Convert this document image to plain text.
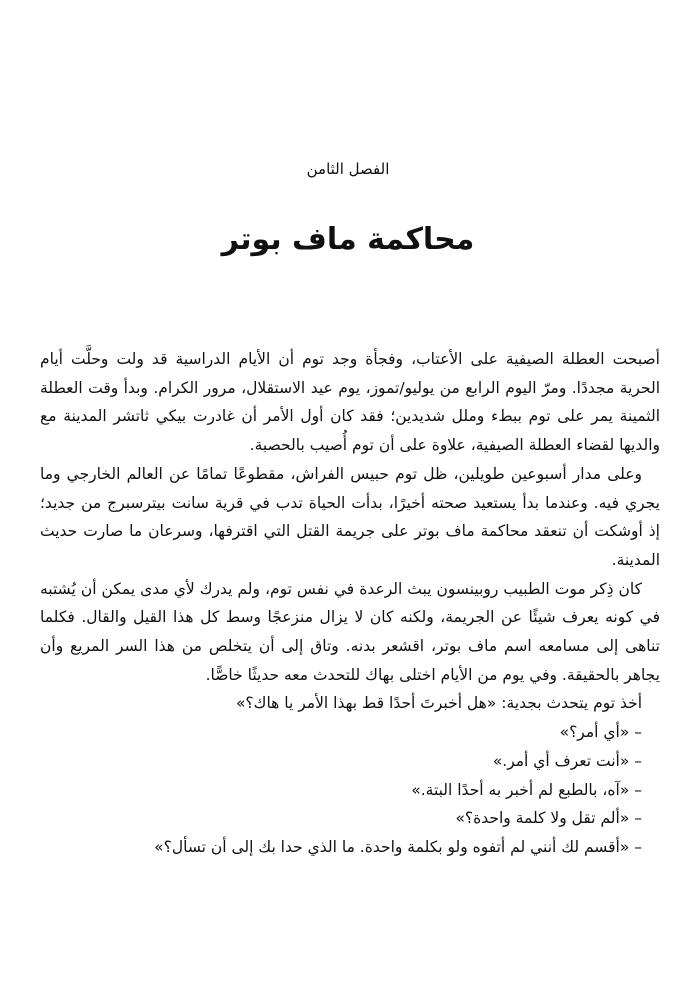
الفصل الثامن
محاكمة ماف بوتر

أصبحت العطلة الصيفية على الأعتاب، وفجأة وجد توم أن الأيام الدراسية قد ولت وحلَّت أيام الحرية مجددًا. ومرّ اليوم الرابع من يوليو/تموز، يوم عيد الاستقلال، مرور الكرام. وبدأ وقت العطلة الثمينة يمر على توم ببطء وملل شديدين؛ فقد كان أول الأمر أن غادرت بيكي ثاتشر المدينة مع والديها لقضاء العطلة الصيفية، علاوة على أن توم أُصيب بالحصبة.

وعلى مدار أسبوعين طويلين، ظل توم حبيس الفراش، مقطوعًا تمامًا عن العالم الخارجي وما يجري فيه. وعندما بدأ يستعيد صحته أخيرًا، بدأت الحياة تدب في قرية سانت بيترسبرج من جديد؛ إذ أوشكت أن تنعقد محاكمة ماف بوتر على جريمة القتل التي اقترفها، وسرعان ما صارت حديث المدينة.

كان ذِكر موت الطبيب روبينسون يبث الرعدة في نفس توم، ولم يدرك لأي مدى يمكن أن يُشتبه في كونه يعرف شيئًا عن الجريمة، ولكنه كان لا يزال منزعجًا وسط كل هذا القيل والقال. فكلما تناهى إلى مسامعه اسم ماف بوتر، اقشعر بدنه. وتاق إلى أن يتخلص من هذا السر المريع وأن يجاهر بالحقيقة. وفي يوم من الأيام اختلى بهاك للتحدث معه حديثًا خاصًّا.

أخذ توم يتحدث بجدية: «هل أخبرتَ أحدًا قط بهذا الأمر يا هاك؟»

– «أي أمر؟»

– «أنت تعرف أي أمر.»

– «آه، بالطبع لم أخبر به أحدًا البتة.»

– «ألم تقل ولا كلمة واحدة؟»

– «أقسم لك أنني لم أتفوه ولو بكلمة واحدة. ما الذي حدا بك إلى أن تسأل؟»
